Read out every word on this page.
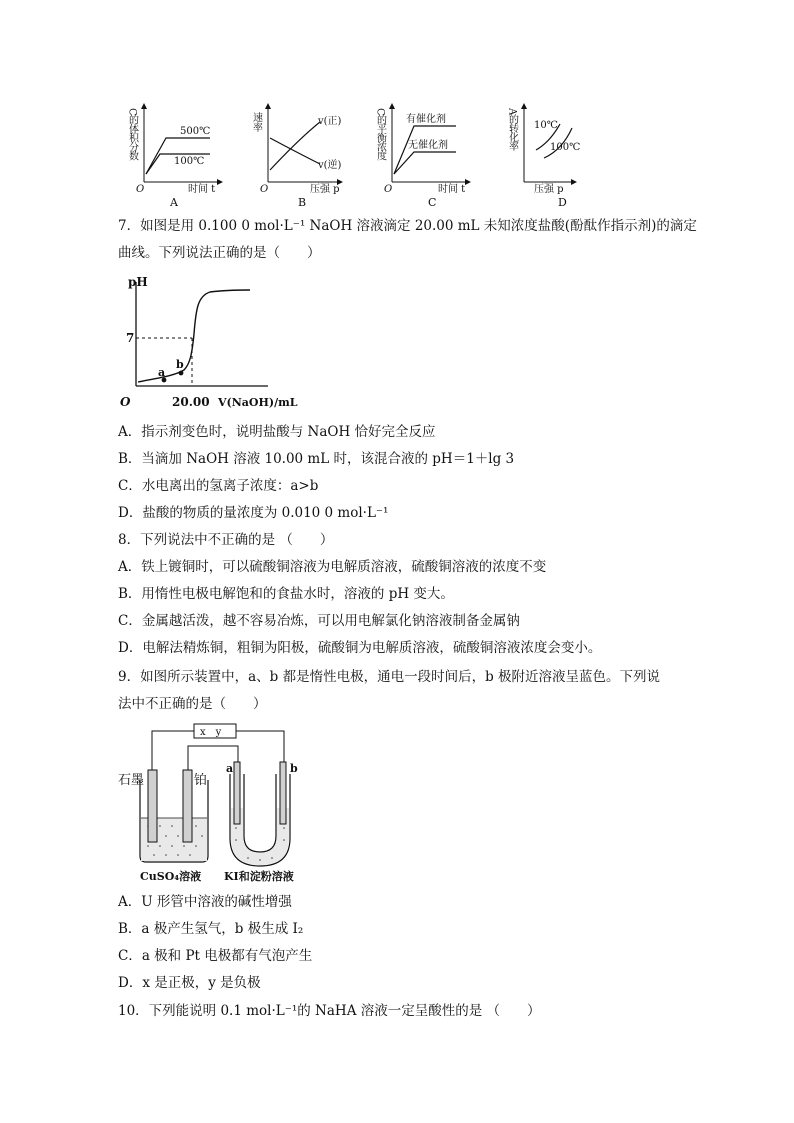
C的体积分数
O
500℃
100℃
时间 t
A
速率
O
v(正)
v(逆)
压强 p
B
C的平衡浓度
O
有催化剂
无催化剂
时间 t
C
A的转化率 10℃
100℃
压强 p
D
7．如图是用 0.100 0 mol·L⁻¹ NaOH 溶液滴定 20.00 mL 未知浓度盐酸(酚酞作指示剂)的滴定
曲线。下列说法正确的是（　　）
pH
O
7
20.00 V(NaOH)/mL
a
b
A．指示剂变色时，说明盐酸与 NaOH 恰好完全反应
B．当滴加 NaOH 溶液 10.00 mL 时，该混合液的 pH＝1＋lg 3
C．水电离出的氢离子浓度：a>b
D．盐酸的物质的量浓度为 0.010 0 mol·L⁻¹
8．下列说法中不正确的是 （　　）
A．铁上镀铜时，可以硫酸铜溶液为电解质溶液，硫酸铜溶液的浓度不变
B．用惰性电极电解饱和的食盐水时，溶液的 pH 变大。
C．金属越活泼，越不容易冶炼，可以用电解氯化钠溶液制备金属钠
D．电解法精炼铜，粗铜为阳极，硫酸铜为电解质溶液，硫酸铜溶液浓度会变小。
9．如图所示装置中，a、b 都是惰性电极，通电一段时间后，b 极附近溶液呈蓝色。下列说
法中不正确的是（　　）
x　y
石墨	铂
CuSO₄溶液
a	b
KI和淀粉溶液
A．U 形管中溶液的碱性增强
B．a 极产生氢气，b 极生成 I₂
C．a 极和 Pt 电极都有气泡产生
D．x 是正极，y 是负极
10．下列能说明 0.1 mol·L⁻¹的 NaHA 溶液一定呈酸性的是 （　　）
